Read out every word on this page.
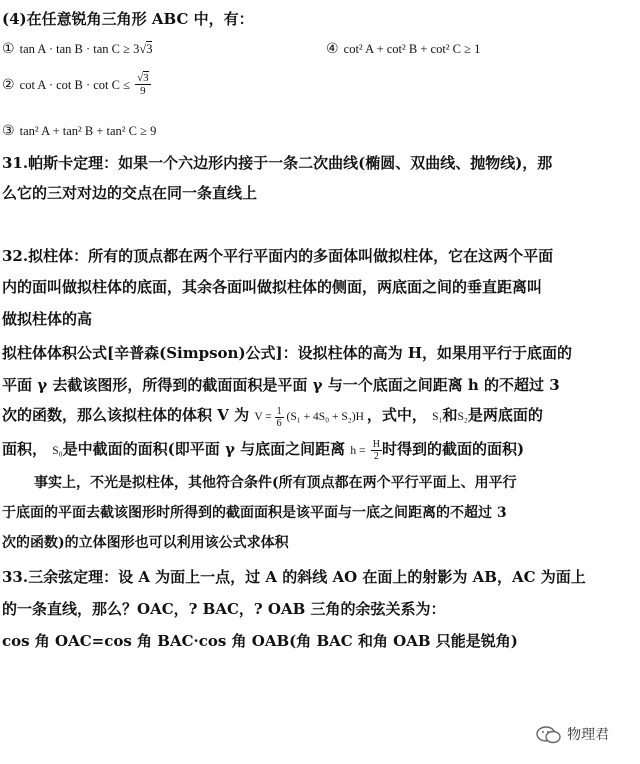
(4)在任意锐角三角形 ABC 中，有：
① tan A · tan B · tan C ≥ 3√3	④ cot² A + cot² B + cot² C ≥ 1
② $\cot A \cdot \cot B \cdot \cot C \le \frac{√3}{9}$
③ tan² A + tan² B + tan² C ≥ 9
31.帕斯卡定理：如果一个六边形内接于一条二次曲线(椭圆、双曲线、抛物线)，那
么它的三对对边的交点在同一条直线上
32.拟柱体：所有的顶点都在两个平行平面内的多面体叫做拟柱体，它在这两个平面
内的面叫做拟柱体的底面，其余各面叫做拟柱体的侧面，两底面之间的垂直距离叫
做拟柱体的高
拟柱体体积公式[辛普森(Simpson)公式]：设拟柱体的高为 H，如果用平行于底面的
平面 γ 去截该图形，所得到的截面面积是平面 γ 与一个底面之间距离 h 的不超过 3
次的函数，那么该拟柱体的体积 V 为 $V = \frac{1}{6} (S_1 + 4S_0 + S_2)H$ ，式中， S₁和S₂是两底面的
面积， S₀是中截面的面积(即平面 γ 与底面之间距离 $h = \frac{H}{2}$ 时得到的截面的面积)
事实上，不光是拟柱体，其他符合条件(所有顶点都在两个平行平面上、用平行
于底面的平面去截该图形时所得到的截面面积是该平面与一底之间距离的不超过 3
次的函数)的立体图形也可以利用该公式求体积
33.三余弦定理：设 A 为面上一点，过 A 的斜线 AO 在面上的射影为 AB，AC 为面上
的一条直线，那么？OAC，? BAC，? OAB 三角的余弦关系为：
cos 角 OAC=cos 角 BAC·cos 角 OAB(角 BAC 和角 OAB 只能是锐角)
物理君
